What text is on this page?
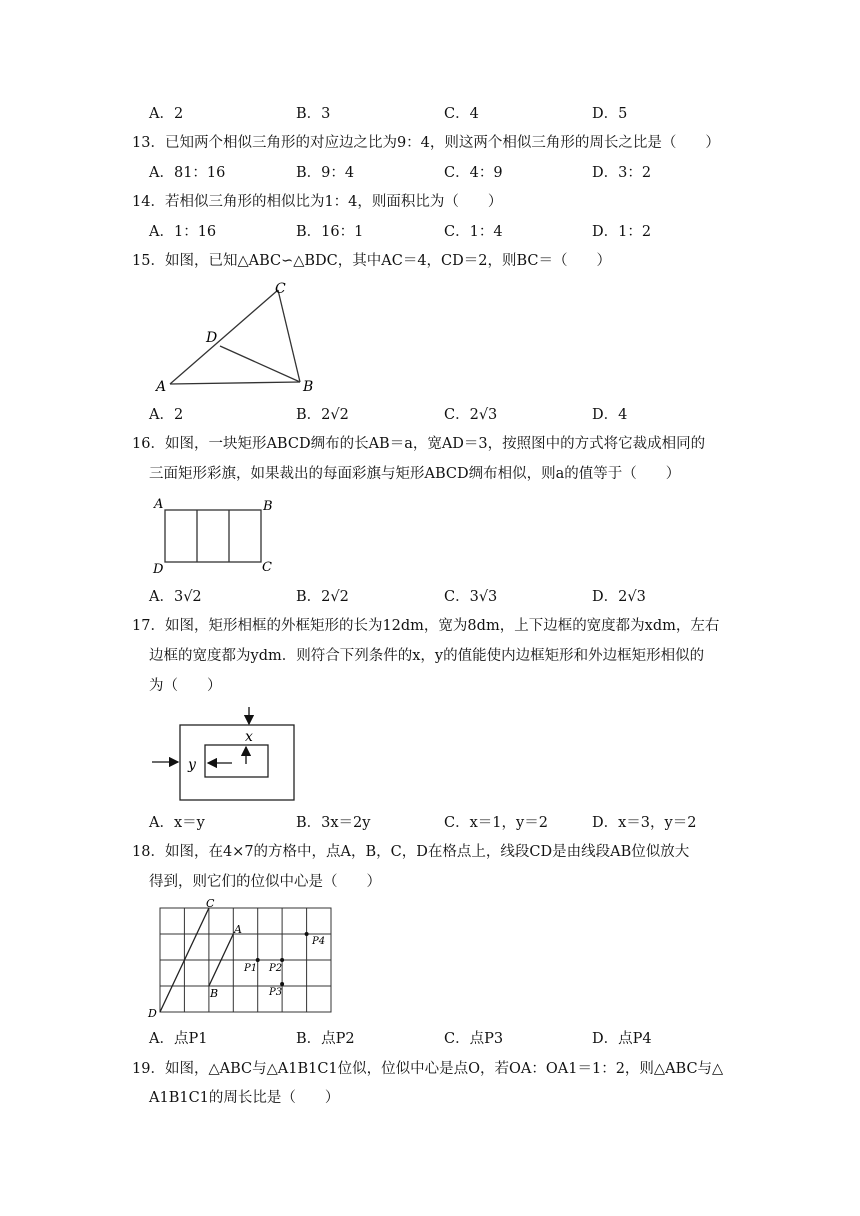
A．2	B．3	C．4	D．5
13．已知两个相似三角形的对应边之比为9：4，则这两个相似三角形的周长之比是（　　）
A．81：16	B．9：4	C．4：9	D．3：2
14．若相似三角形的相似比为1：4，则面积比为（　　）
A．1：16	B．16：1	C．1：4	D．1：2
15．如图，已知△ABC∽△BDC，其中AC＝4，CD＝2，则BC＝（　　）
A	B
C
D
A．2	B．2√2	C．2√3	D．4
16．如图，一块矩形ABCD绸布的长AB＝a，宽AD＝3，按照图中的方式将它裁成相同的
三面矩形彩旗，如果裁出的每面彩旗与矩形ABCD绸布相似，则a的值等于（　　）
A	B
D	C
A．3√2	B．2√2	C．3√3	D．2√3
17．如图，矩形相框的外框矩形的长为12dm，宽为8dm，上下边框的宽度都为xdm，左右
边框的宽度都为ydm．则符合下列条件的x，y的值能使内边框矩形和外边框矩形相似的
为（　　）
x
y
A．x＝y	B．3x＝2y	C．x＝1，y＝2	D．x＝3，y＝2
18．如图，在4×7的方格中，点A，B，C，D在格点上，线段CD是由线段AB位似放大
得到，则它们的位似中心是（　　）
C
A
D
B
P1 P2
P3
P4
A．点P1	B．点P2	C．点P3	D．点P4
19．如图，△ABC与△A1B1C1位似，位似中心是点O，若OA：OA1＝1：2，则△ABC与△
A1B1C1的周长比是（　　）
